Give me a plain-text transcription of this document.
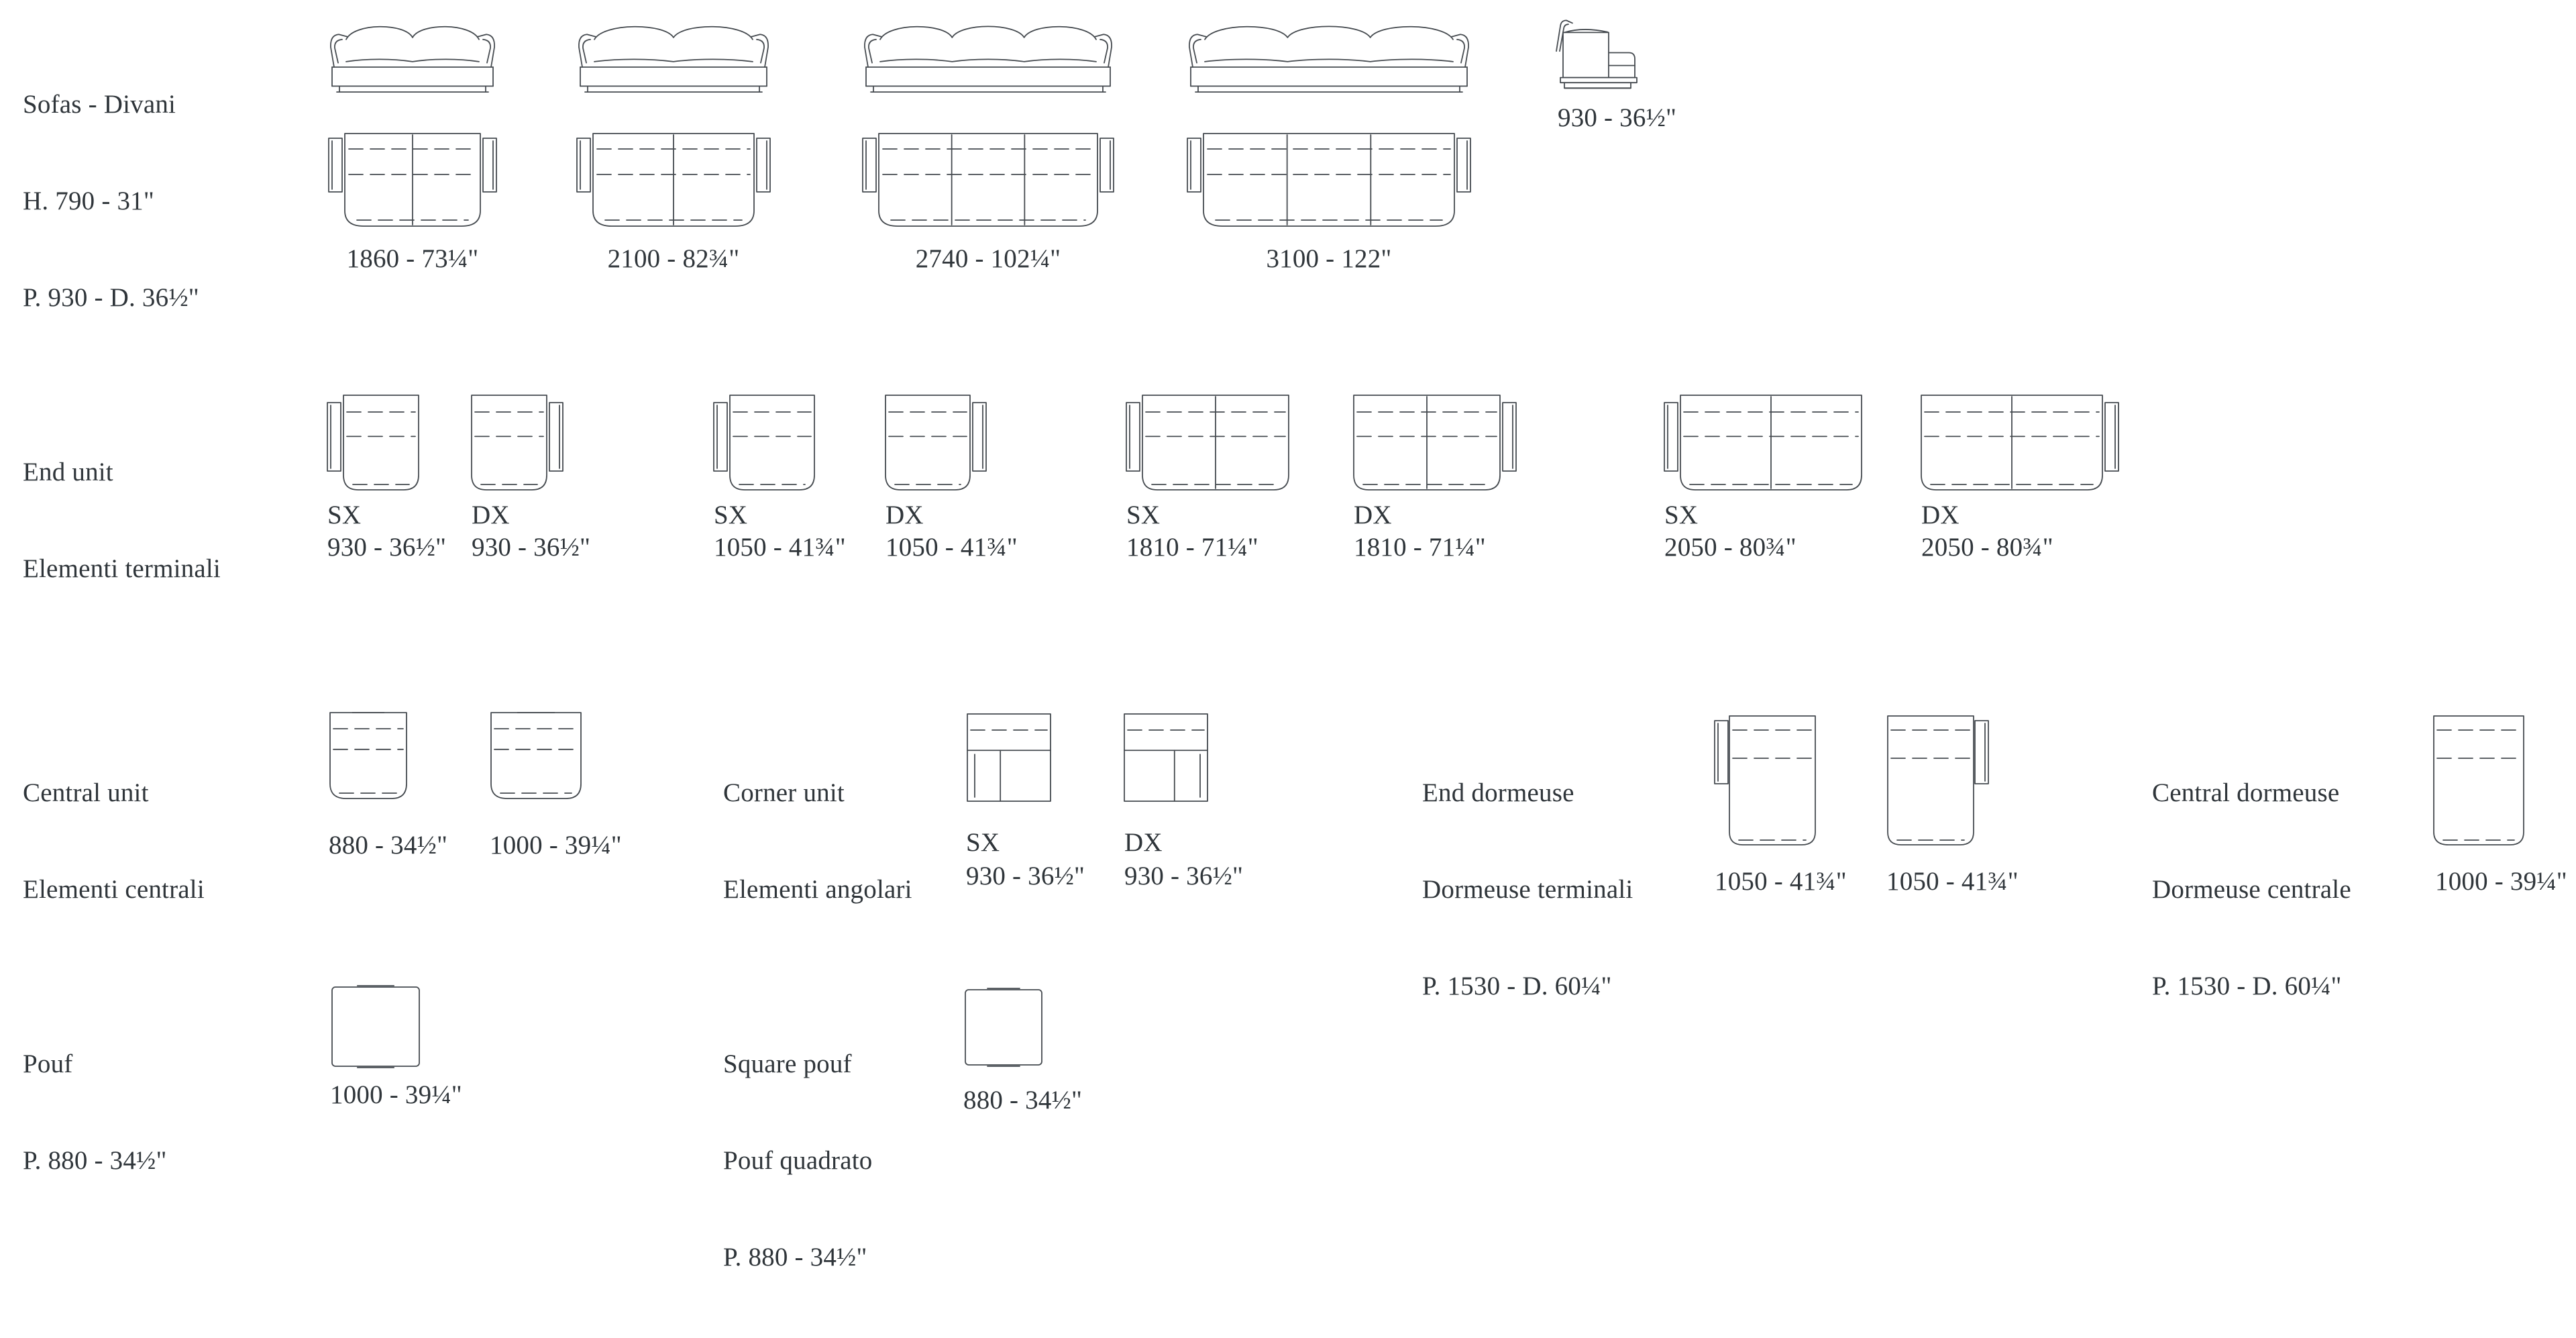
Sofas - Divani

H. 790 - 31"

P. 930 - D. 36½"

930 - 36½"
1860 - 73¼"	2100 - 82¾"	2740 - 102¼"	3100 - 122"

End unit

Elementi terminali

SX
930 - 36½"
DX
930 - 36½"
SX
1050 - 41¾"
DX
1050 - 41¾"
SX
1810 - 71¼"
DX
1810 - 71¼"
SX
2050 - 80¾"
DX
2050 - 80¾"

Central unit

Elementi centrali

880 - 34½" 1000 - 39¼"

Corner unit

Elementi angolari

SX
930 - 36½"
DX
930 - 36½"

End dormeuse

Dormeuse terminali

P. 1530 - D. 60¼"

1050 - 41¾" 1050 - 41¾"

Central dormeuse

Dormeuse centrale

P. 1530 - D. 60¼"

1000 - 39¼"

Pouf

P. 880 - 34½"

1000 - 39¼"

Square pouf

Pouf quadrato

P. 880 - 34½"

880 - 34½"
